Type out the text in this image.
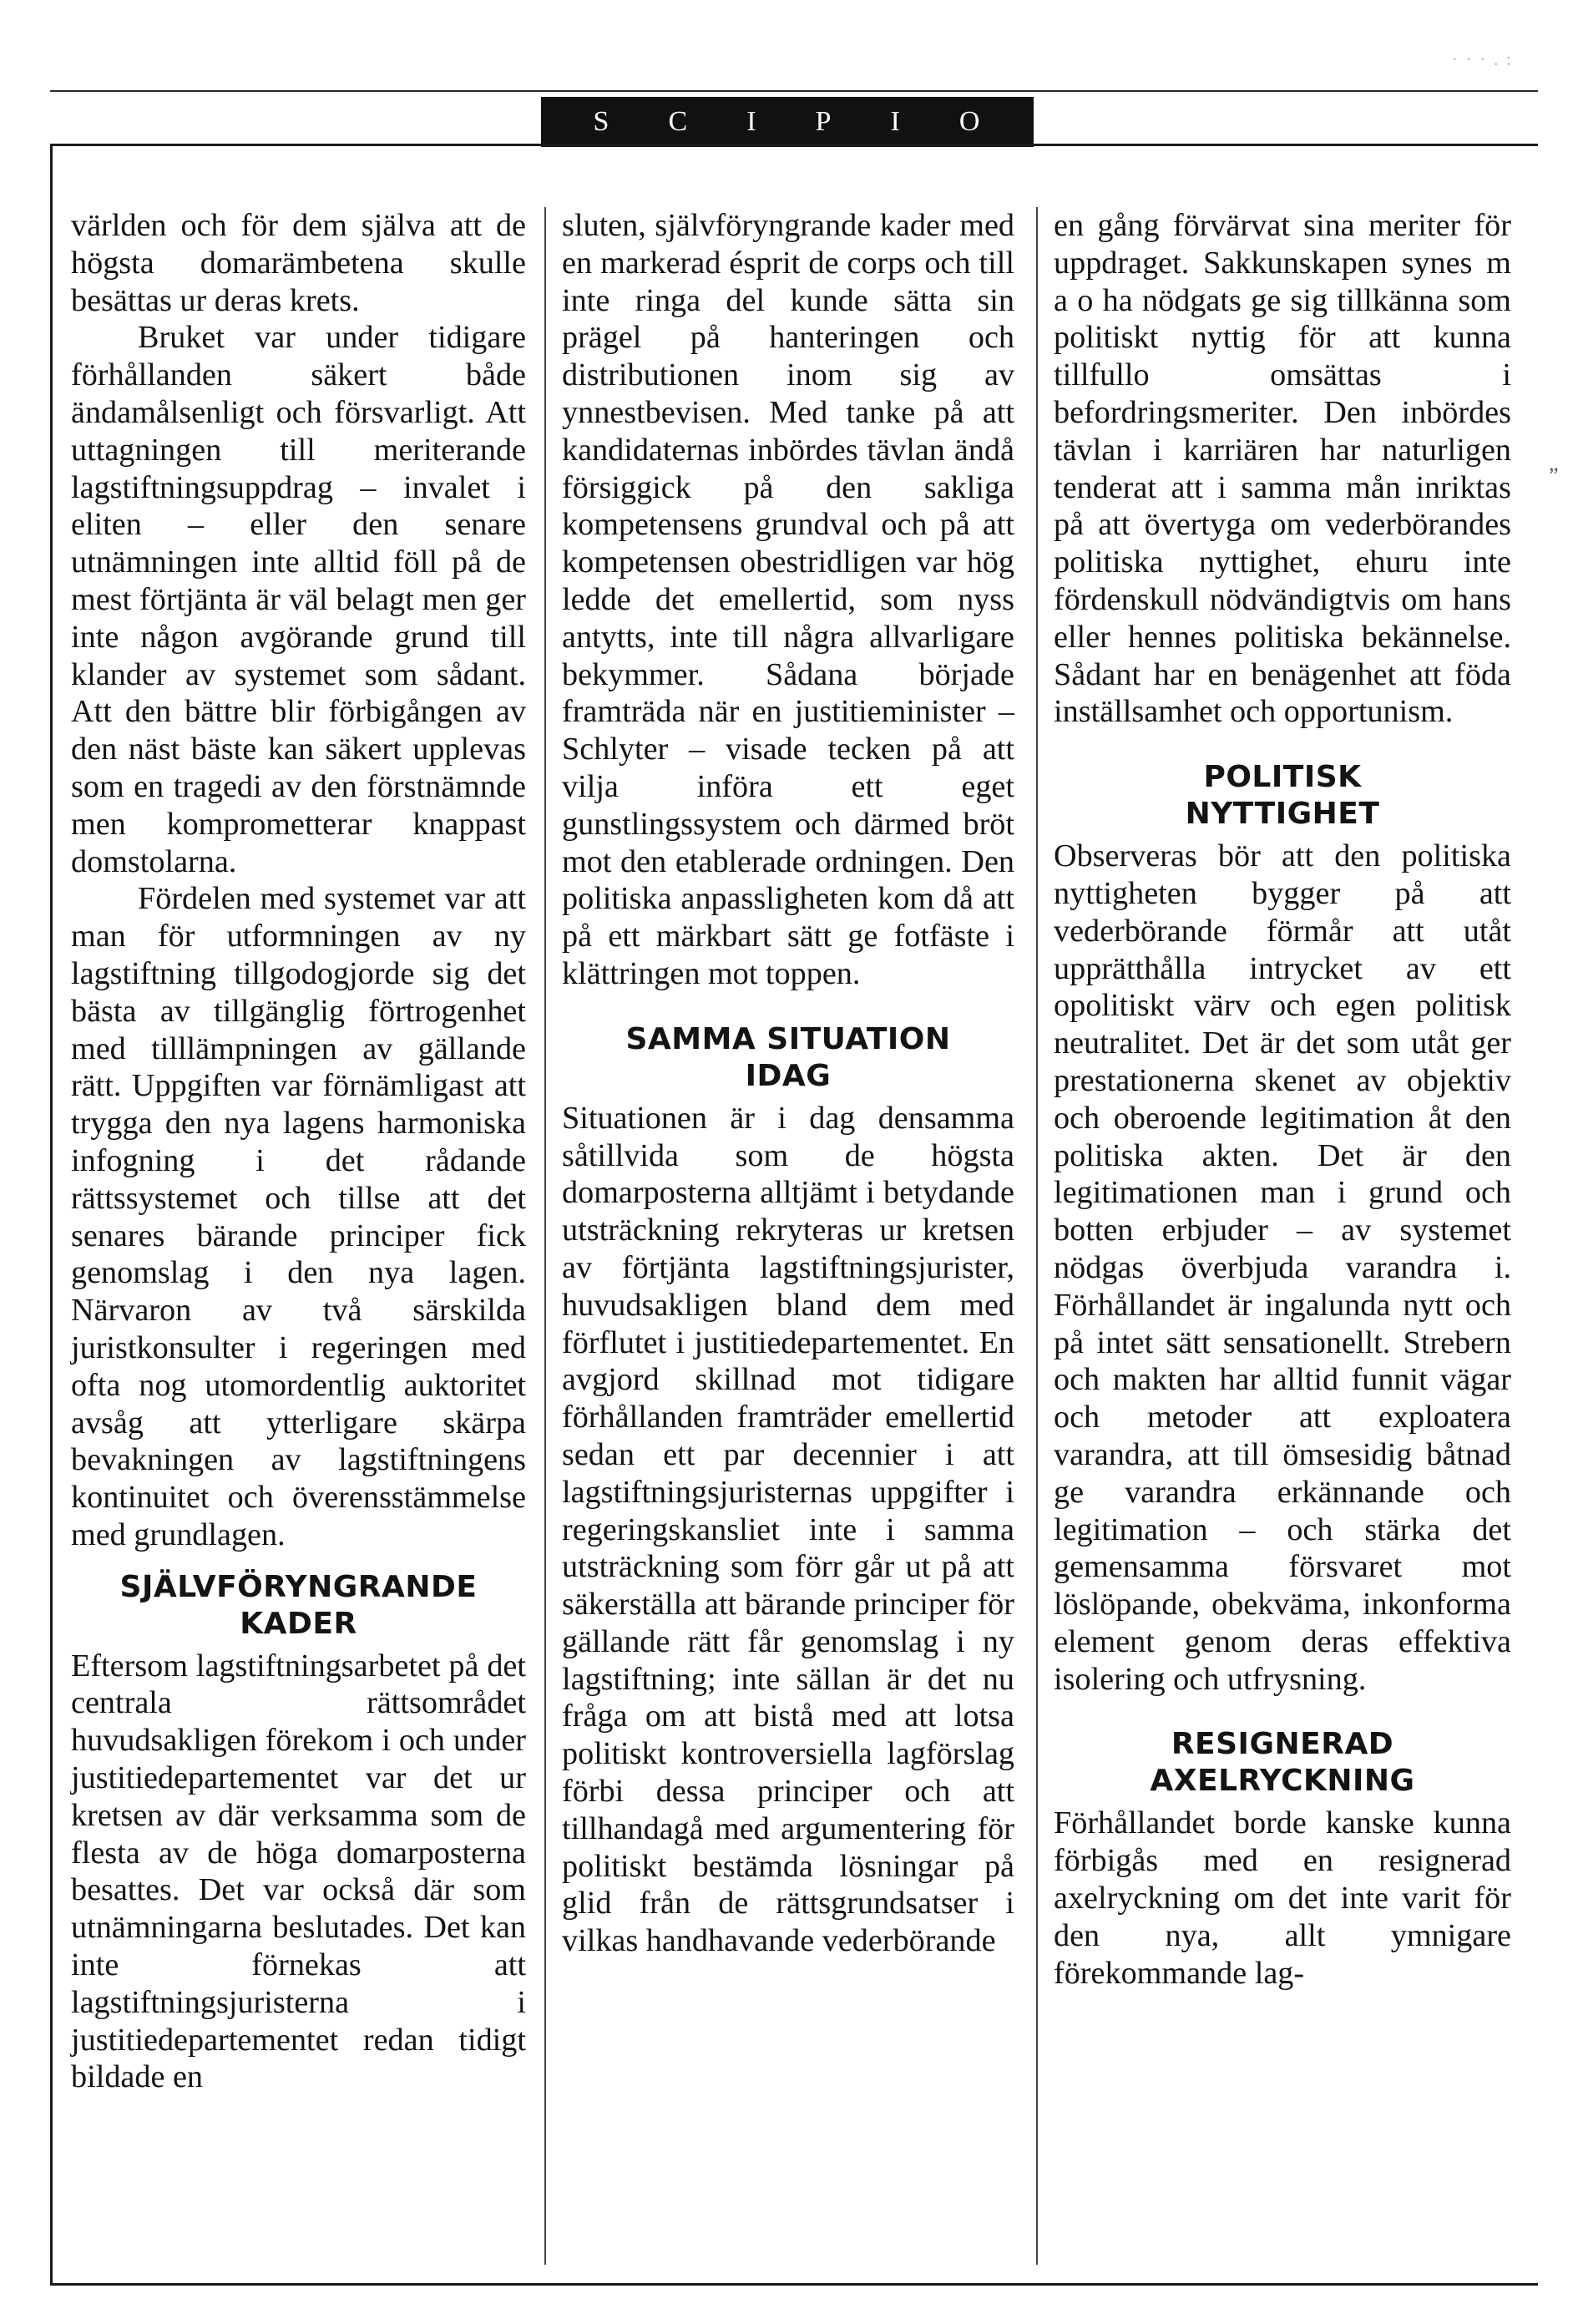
· · · . :
S C I P I O
„

världen och för dem själva att de högsta domarämbetena skulle besättas ur deras krets.

Bruket var under tidigare förhållanden säkert både ändamålsenligt och försvarligt. Att uttagningen till meriterande lagstiftningsuppdrag – invalet i eliten – eller den senare utnämningen inte alltid föll på de mest förtjänta är väl belagt men ger inte någon avgörande grund till klander av systemet som sådant. Att den bättre blir förbigången av den näst bäste kan säkert upplevas som en tragedi av den förstnämnde men komprometterar knappast domstolarna.

Fördelen med systemet var att man för utformningen av ny lagstiftning tillgodogjorde sig det bästa av tillgänglig förtrogenhet med tilllämpningen av gällande rätt. Uppgiften var förnämligast att trygga den nya lagens harmoniska infogning i det rådande rättssystemet och tillse att det senares bärande principer fick genomslag i den nya lagen. Närvaron av två särskilda juristkonsulter i regeringen med ofta nog utomordentlig auktoritet avsåg att ytterligare skärpa bevakningen av lagstiftningens kontinuitet och överensstämmelse med grundlagen.

SJÄLVFÖRYNGRANDE

KADER

Eftersom lagstiftningsarbetet på det centrala rättsområdet huvudsakligen förekom i och under justitiedepartementet var det ur kretsen av där verksamma som de flesta av de höga domarposterna besattes. Det var också där som utnämningarna beslutades. Det kan inte förnekas att lagstiftningsjuristerna i justitiedepartementet redan tidigt bildade en

sluten, självföryngrande kader med en markerad ésprit de corps och till inte ringa del kunde sätta sin prägel på hanteringen och distributionen inom sig av ynnestbevisen. Med tanke på att kandidaternas inbördes tävlan ändå försiggick på den sakliga kompetensens grundval och på att kompetensen obestridligen var hög ledde det emellertid, som nyss antytts, inte till några allvarligare bekymmer. Sådana började framträda när en justitieminister – Schlyter – visade tecken på att vilja införa ett eget gunstlingssystem och därmed bröt mot den etablerade ordningen. Den politiska anpassligheten kom då att på ett märkbart sätt ge fotfäste i klättringen mot toppen.

SAMMA SITUATION

IDAG

Situationen är i dag densamma såtillvida som de högsta domarposterna alltjämt i betydande utsträckning rekryteras ur kretsen av förtjänta lagstiftningsjurister, huvudsakligen bland dem med förflutet i justitiedepartementet. En avgjord skillnad mot tidigare förhållanden framträder emellertid sedan ett par decennier i att lagstiftningsjuristernas uppgifter i regeringskansliet inte i samma utsträckning som förr går ut på att säkerställa att bärande principer för gällande rätt får genomslag i ny lagstiftning; inte sällan är det nu fråga om att bistå med att lotsa politiskt kontroversiella lagförslag förbi dessa principer och att tillhandagå med argumentering för politiskt bestämda lösningar på glid från de rättsgrundsatser i vilkas handhavande vederbörande

en gång förvärvat sina meriter för uppdraget. Sakkunskapen synes m a o ha nödgats ge sig tillkänna som politiskt nyttig för att kunna tillfullo omsättas i befordringsmeriter. Den inbördes tävlan i karriären har naturligen tenderat att i samma mån inriktas på att övertyga om vederbörandes politiska nyttighet, ehuru inte fördenskull nödvändigtvis om hans eller hennes politiska bekännelse. Sådant har en benägenhet att föda inställsamhet och opportunism.

POLITISK

NYTTIGHET

Observeras bör att den politiska nyttigheten bygger på att vederbörande förmår att utåt upprätthålla intrycket av ett opolitiskt värv och egen politisk neutralitet. Det är det som utåt ger prestationerna skenet av objektiv och oberoende legitimation åt den politiska akten. Det är den legitimationen man i grund och botten erbjuder – av systemet nödgas överbjuda varandra i. Förhållandet är ingalunda nytt och på intet sätt sensationellt. Strebern och makten har alltid funnit vägar och metoder att exploatera varandra, att till ömsesidig båtnad ge varandra erkännande och legitimation – och stärka det gemensamma försvaret mot löslöpande, obekväma, inkonforma element genom deras effektiva isolering och utfrysning.

RESIGNERAD

AXELRYCKNING

Förhållandet borde kanske kunna förbigås med en resignerad axelryckning om det inte varit för den nya, allt ymnigare förekommande lag-
